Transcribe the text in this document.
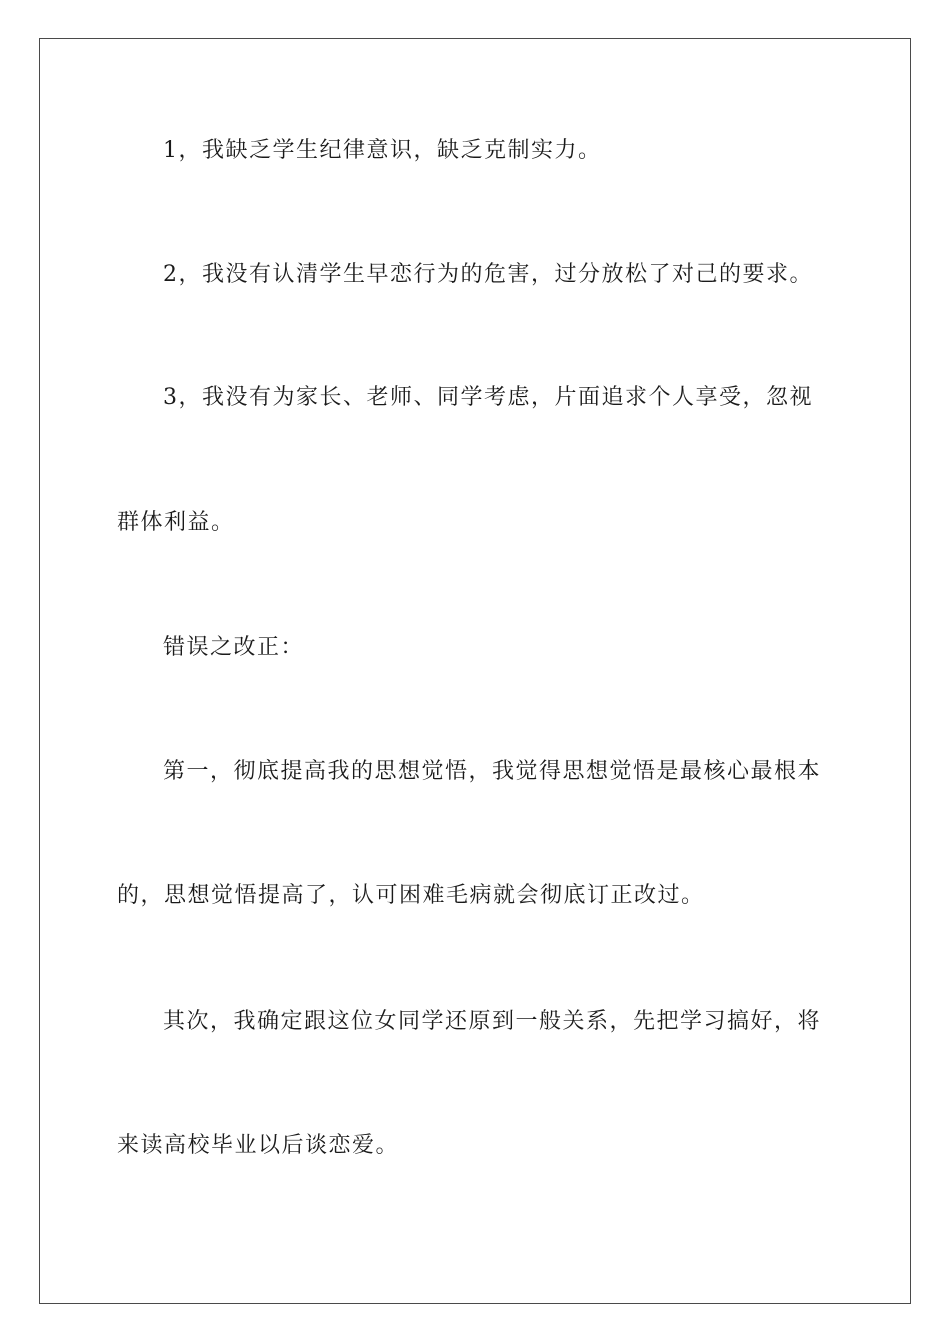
1，我缺乏学生纪律意识，缺乏克制实力。
2，我没有认清学生早恋行为的危害，过分放松了对己的要求。
3，我没有为家长、老师、同学考虑，片面追求个人享受，忽视
群体利益。
错误之改正：
第一，彻底提高我的思想觉悟，我觉得思想觉悟是最核心最根本
的，思想觉悟提高了，认可困难毛病就会彻底订正改过。
其次，我确定跟这位女同学还原到一般关系，先把学习搞好，将
来读高校毕业以后谈恋爱。
